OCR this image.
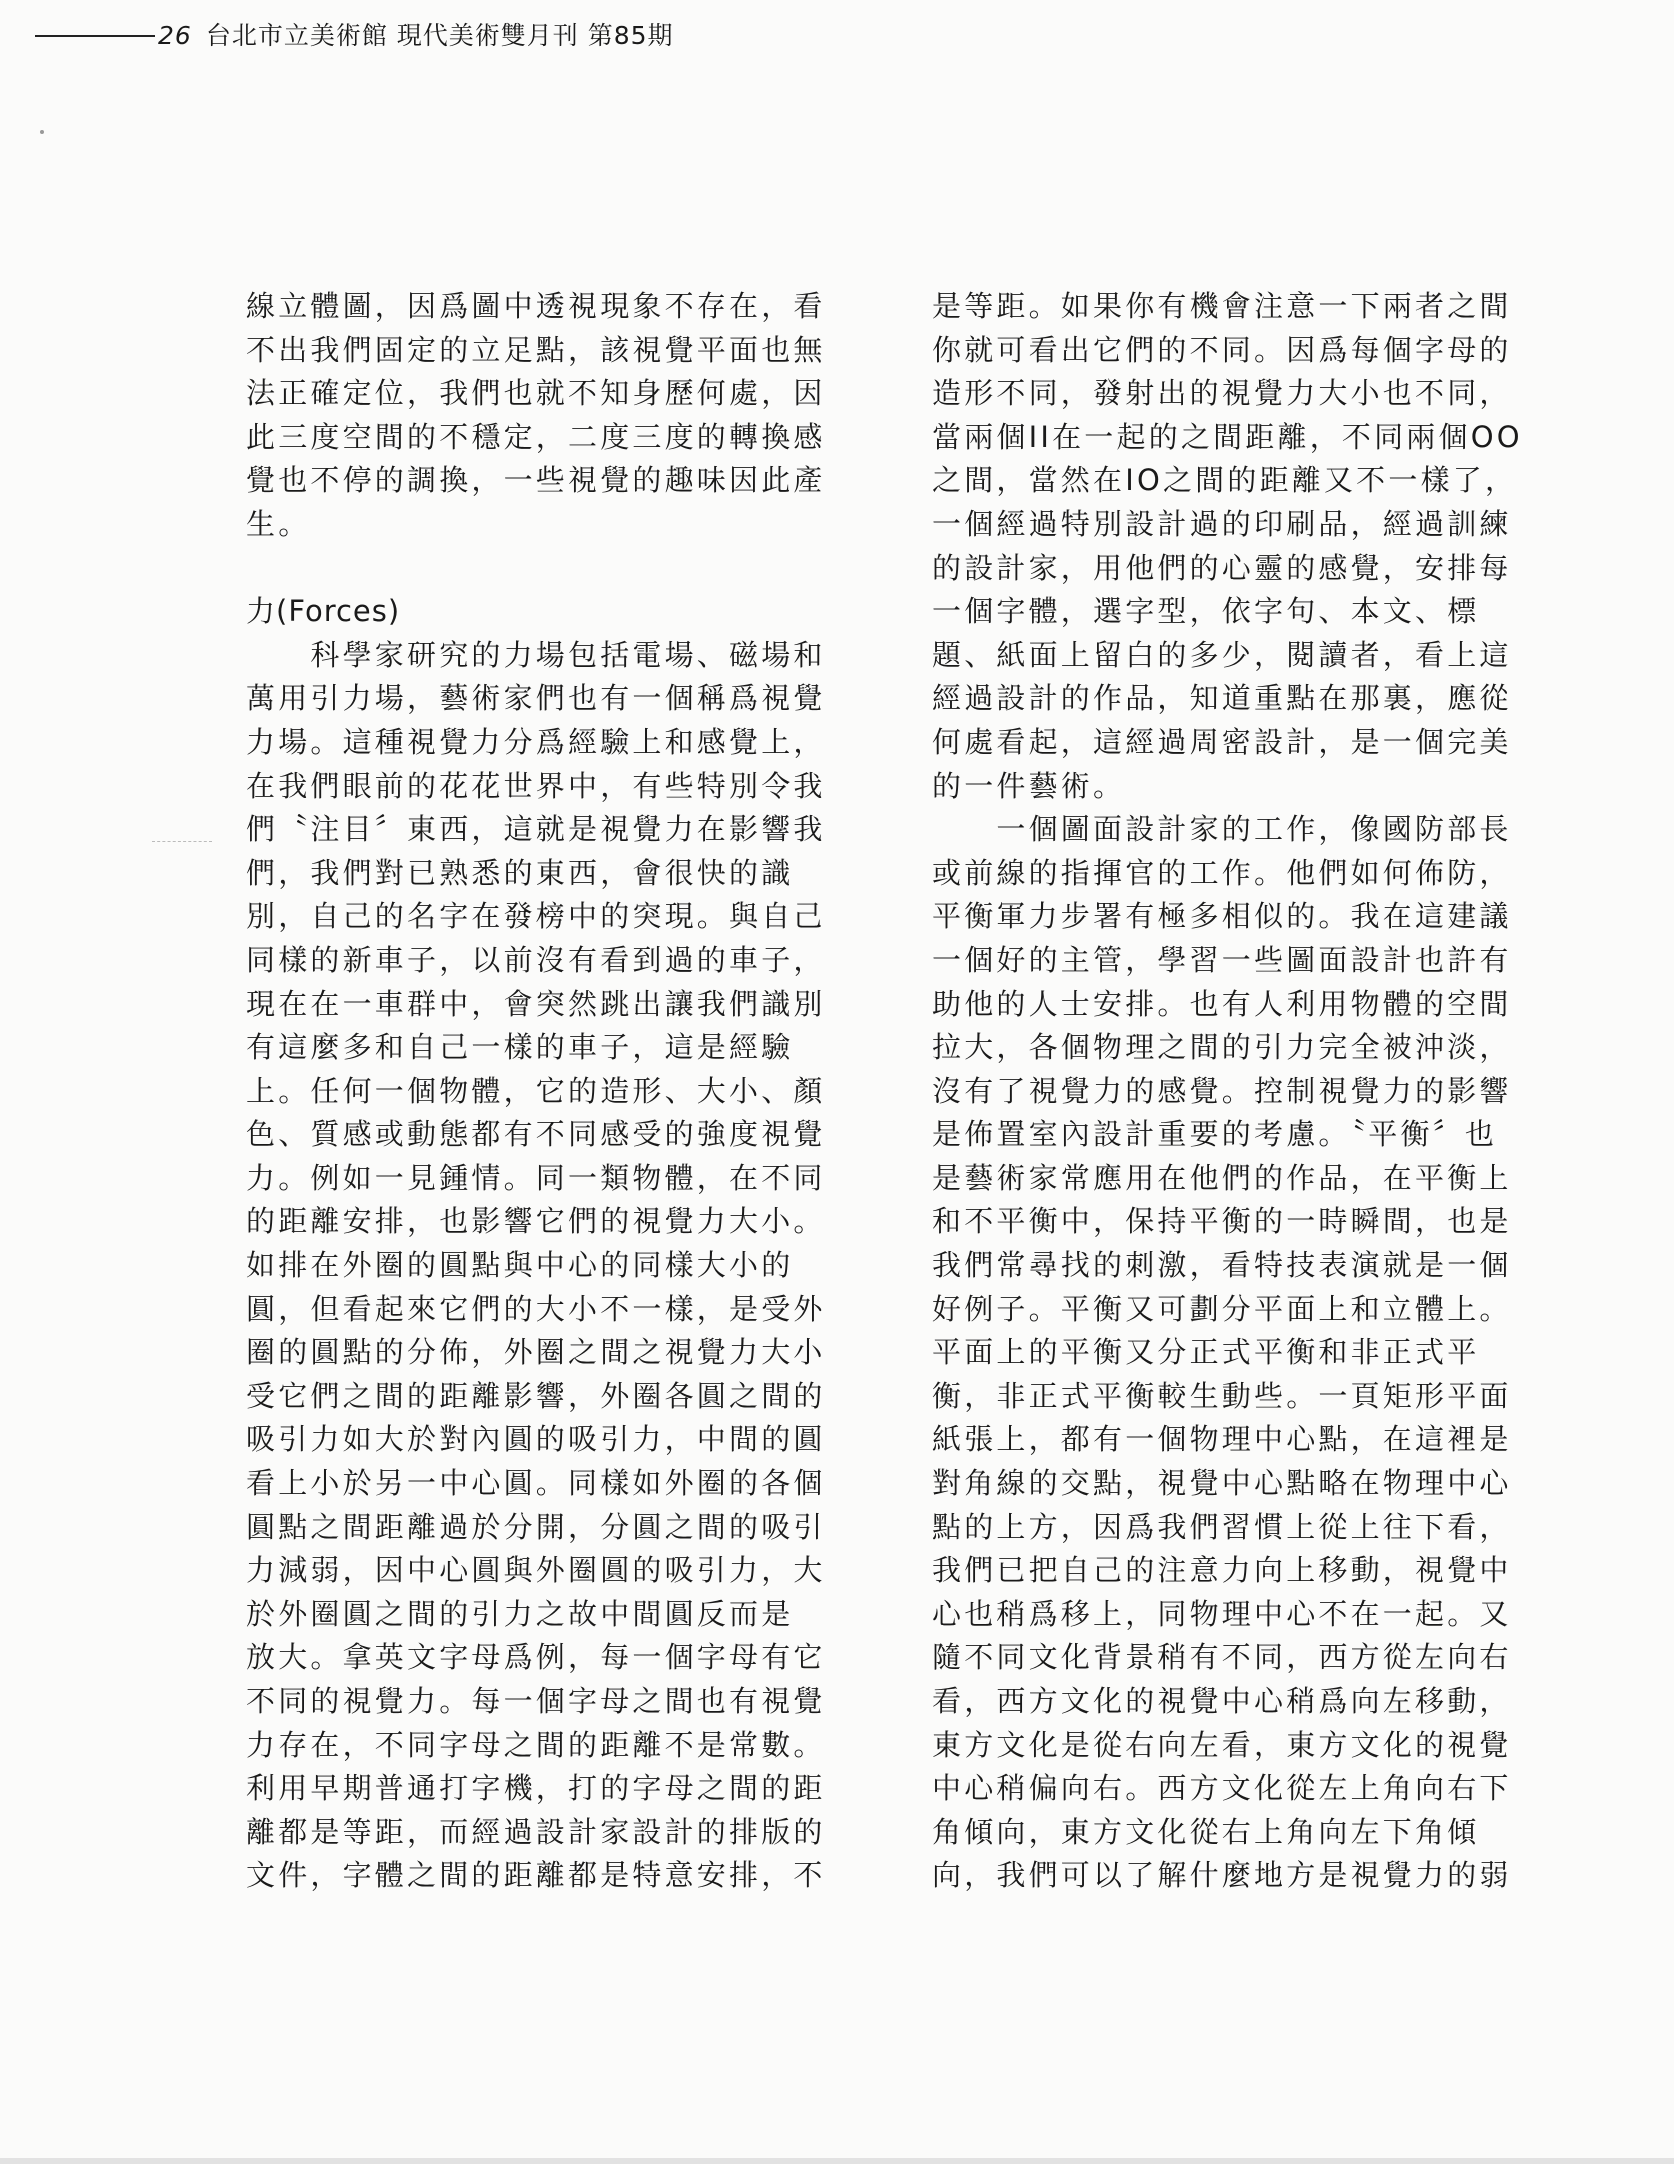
26 台北市立美術館 現代美術雙月刊 第85期
線立體圖，因爲圖中透視現象不存在，看
不出我們固定的立足點，該視覺平面也無
法正確定位，我們也就不知身歷何處，因
此三度空間的不穩定，二度三度的轉換感
覺也不停的調換，一些視覺的趣味因此產
生。
力(Forces)
　　科學家研究的力場包括電場、磁場和
萬用引力場，藝術家們也有一個稱爲視覺
力場。這種視覺力分爲經驗上和感覺上，
在我們眼前的花花世界中，有些特別令我
們〝注目〞東西，這就是視覺力在影響我
們，我們對已熟悉的東西，會很快的識
別，自己的名字在發榜中的突現。與自己
同樣的新車子，以前沒有看到過的車子，
現在在一車群中，會突然跳出讓我們識別
有這麼多和自己一樣的車子，這是經驗
上。任何一個物體，它的造形、大小、顏
色、質感或動態都有不同感受的強度視覺
力。例如一見鍾情。同一類物體，在不同
的距離安排，也影響它們的視覺力大小。
如排在外圈的圓點與中心的同樣大小的
圓，但看起來它們的大小不一樣，是受外
圈的圓點的分佈，外圈之間之視覺力大小
受它們之間的距離影響，外圈各圓之間的
吸引力如大於對內圓的吸引力，中間的圓
看上小於另一中心圓。同樣如外圈的各個
圓點之間距離過於分開，分圓之間的吸引
力減弱，因中心圓與外圈圓的吸引力，大
於外圈圓之間的引力之故中間圓反而是
放大。拿英文字母爲例，每一個字母有它
不同的視覺力。每一個字母之間也有視覺
力存在，不同字母之間的距離不是常數。
利用早期普通打字機，打的字母之間的距
離都是等距，而經過設計家設計的排版的
文件，字體之間的距離都是特意安排，不
是等距。如果你有機會注意一下兩者之間
你就可看出它們的不同。因爲每個字母的
造形不同，發射出的視覺力大小也不同，
當兩個II在一起的之間距離，不同兩個OO
之間，當然在IO之間的距離又不一樣了，
一個經過特別設計過的印刷品，經過訓練
的設計家，用他們的心靈的感覺，安排每
一個字體，選字型，依字句、本文、標
題、紙面上留白的多少，閱讀者，看上這
經過設計的作品，知道重點在那裏，應從
何處看起，這經過周密設計，是一個完美
的一件藝術。
　　一個圖面設計家的工作，像國防部長
或前線的指揮官的工作。他們如何佈防，
平衡軍力步署有極多相似的。我在這建議
一個好的主管，學習一些圖面設計也許有
助他的人士安排。也有人利用物體的空間
拉大，各個物理之間的引力完全被沖淡，
沒有了視覺力的感覺。控制視覺力的影響
是佈置室內設計重要的考慮。〝平衡〞也
是藝術家常應用在他們的作品，在平衡上
和不平衡中，保持平衡的一時瞬間，也是
我們常尋找的刺激，看特技表演就是一個
好例子。平衡又可劃分平面上和立體上。
平面上的平衡又分正式平衡和非正式平
衡，非正式平衡較生動些。一頁矩形平面
紙張上，都有一個物理中心點，在這裡是
對角線的交點，視覺中心點略在物理中心
點的上方，因爲我們習慣上從上往下看，
我們已把自己的注意力向上移動，視覺中
心也稍爲移上，同物理中心不在一起。又
隨不同文化背景稍有不同，西方從左向右
看，西方文化的視覺中心稍爲向左移動，
東方文化是從右向左看，東方文化的視覺
中心稍偏向右。西方文化從左上角向右下
角傾向，東方文化從右上角向左下角傾
向，我們可以了解什麼地方是視覺力的弱
